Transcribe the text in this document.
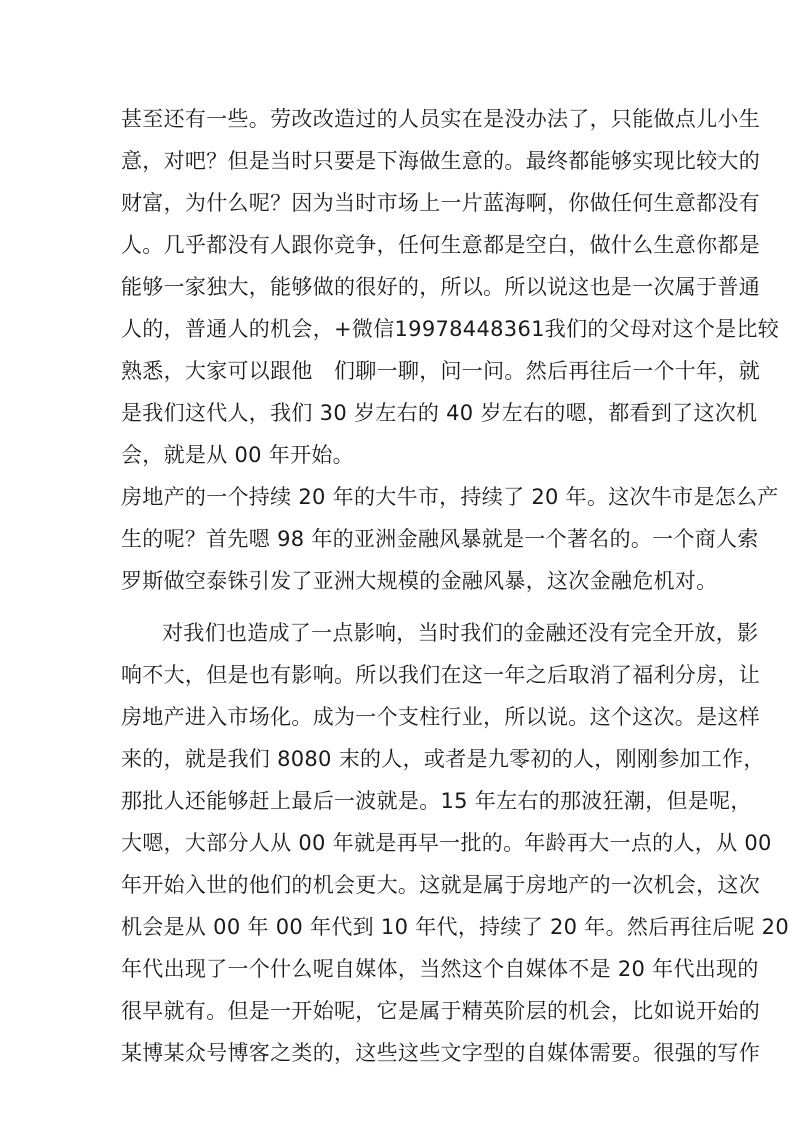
甚至还有一些。劳改改造过的人员实在是没办法了，只能做点儿小生

意，对吧？但是当时只要是下海做生意的。最终都能够实现比较大的

财富，为什么呢？因为当时市场上一片蓝海啊，你做任何生意都没有

人。几乎都没有人跟你竞争，任何生意都是空白，做什么生意你都是

能够一家独大，能够做的很好的，所以。所以说这也是一次属于普通

人的，普通人的机会，+微信19978448361我们的父母对这个是比较

熟悉，大家可以跟他　们聊一聊，问一问。然后再往后一个十年，就

是我们这代人，我们 30 岁左右的 40 岁左右的嗯，都看到了这次机

会，就是从 00 年开始。

房地产的一个持续 20 年的大牛市，持续了 20 年。这次牛市是怎么产

生的呢？首先嗯 98 年的亚洲金融风暴就是一个著名的。一个商人索

罗斯做空泰铢引发了亚洲大规模的金融风暴，这次金融危机对。

对我们也造成了一点影响，当时我们的金融还没有完全开放，影

响不大，但是也有影响。所以我们在这一年之后取消了福利分房，让

房地产进入市场化。成为一个支柱行业，所以说。这个这次。是这样

来的，就是我们 8080 末的人，或者是九零初的人，刚刚参加工作，

那批人还能够赶上最后一波就是。15 年左右的那波狂潮，但是呢，

大嗯，大部分人从 00 年就是再早一批的。年龄再大一点的人，从 00

年开始入世的他们的机会更大。这就是属于房地产的一次机会，这次

机会是从 00 年 00 年代到 10 年代，持续了 20 年。然后再往后呢 20

年代出现了一个什么呢自媒体，当然这个自媒体不是 20 年代出现的

很早就有。但是一开始呢，它是属于精英阶层的机会，比如说开始的

某博某众号博客之类的，这些这些文字型的自媒体需要。很强的写作
